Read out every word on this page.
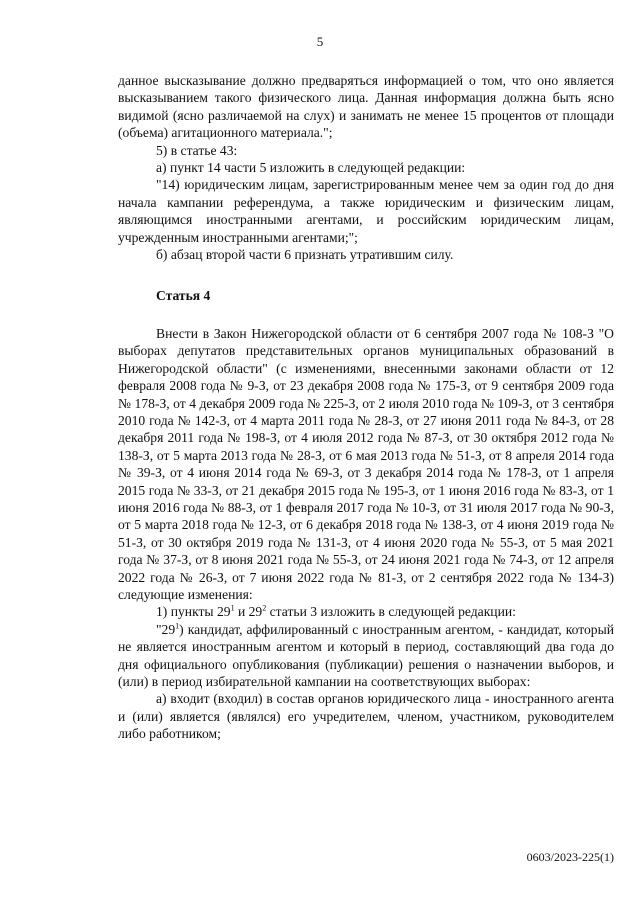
5

данное высказывание должно предваряться информацией о том, что оно является высказыванием такого физического лица. Данная информация должна быть ясно видимой (ясно различаемой на слух) и занимать не менее 15 процентов от площади (объема) агитационного материала.";

5) в статье 43:

а) пункт 14 части 5 изложить в следующей редакции:

"14) юридическим лицам, зарегистрированным менее чем за один год до дня начала кампании референдума, а также юридическим и физическим лицам, являющимся иностранными агентами, и российским юридическим лицам, учрежденным иностранными агентами;";

б) абзац второй части 6 признать утратившим силу.

Статья 4

Внести в Закон Нижегородской области от 6 сентября 2007 года № 108-З "О выборах депутатов представительных органов муниципальных образований в Нижегородской области" (с изменениями, внесенными законами области от 12 февраля 2008 года № 9-З, от 23 декабря 2008 года № 175-З, от 9 сентября 2009 года № 178-З, от 4 декабря 2009 года № 225-З, от 2 июля 2010 года № 109-З, от 3 сентября 2010 года № 142-З, от 4 марта 2011 года № 28-З, от 27 июня 2011 года № 84-З, от 28 декабря 2011 года № 198-З, от 4 июля 2012 года № 87-З, от 30 октября 2012 года № 138-З, от 5 марта 2013 года № 28-З, от 6 мая 2013 года № 51-З, от 8 апреля 2014 года № 39-З, от 4 июня 2014 года № 69-З, от 3 декабря 2014 года № 178-З, от 1 апреля 2015 года № 33-З, от 21 декабря 2015 года № 195-З, от 1 июня 2016 года № 83-З, от 1 июня 2016 года № 88-З, от 1 февраля 2017 года № 10-З, от 31 июля 2017 года № 90-З, от 5 марта 2018 года № 12-З, от 6 декабря 2018 года № 138-З, от 4 июня 2019 года № 51-З, от 30 октября 2019 года № 131-З, от 4 июня 2020 года № 55-З, от 5 мая 2021 года № 37-З, от 8 июня 2021 года № 55-З, от 24 июня 2021 года № 74-З, от 12 апреля 2022 года № 26-З, от 7 июня 2022 года № 81-З, от 2 сентября 2022 года № 134-З) следующие изменения:

1) пункты $29^1$ и $29^2$ статьи 3 изложить в следующей редакции:

"$29^1$) кандидат, аффилированный с иностранным агентом, - кандидат, который не является иностранным агентом и который в период, составляющий два года до дня официального опубликования (публикации) решения о назначении выборов, и (или) в период избирательной кампании на соответствующих выборах:

а) входит (входил) в состав органов юридического лица - иностранного агента и (или) является (являлся) его учредителем, членом, участником, руководителем либо работником;

0603/2023-225(1)
